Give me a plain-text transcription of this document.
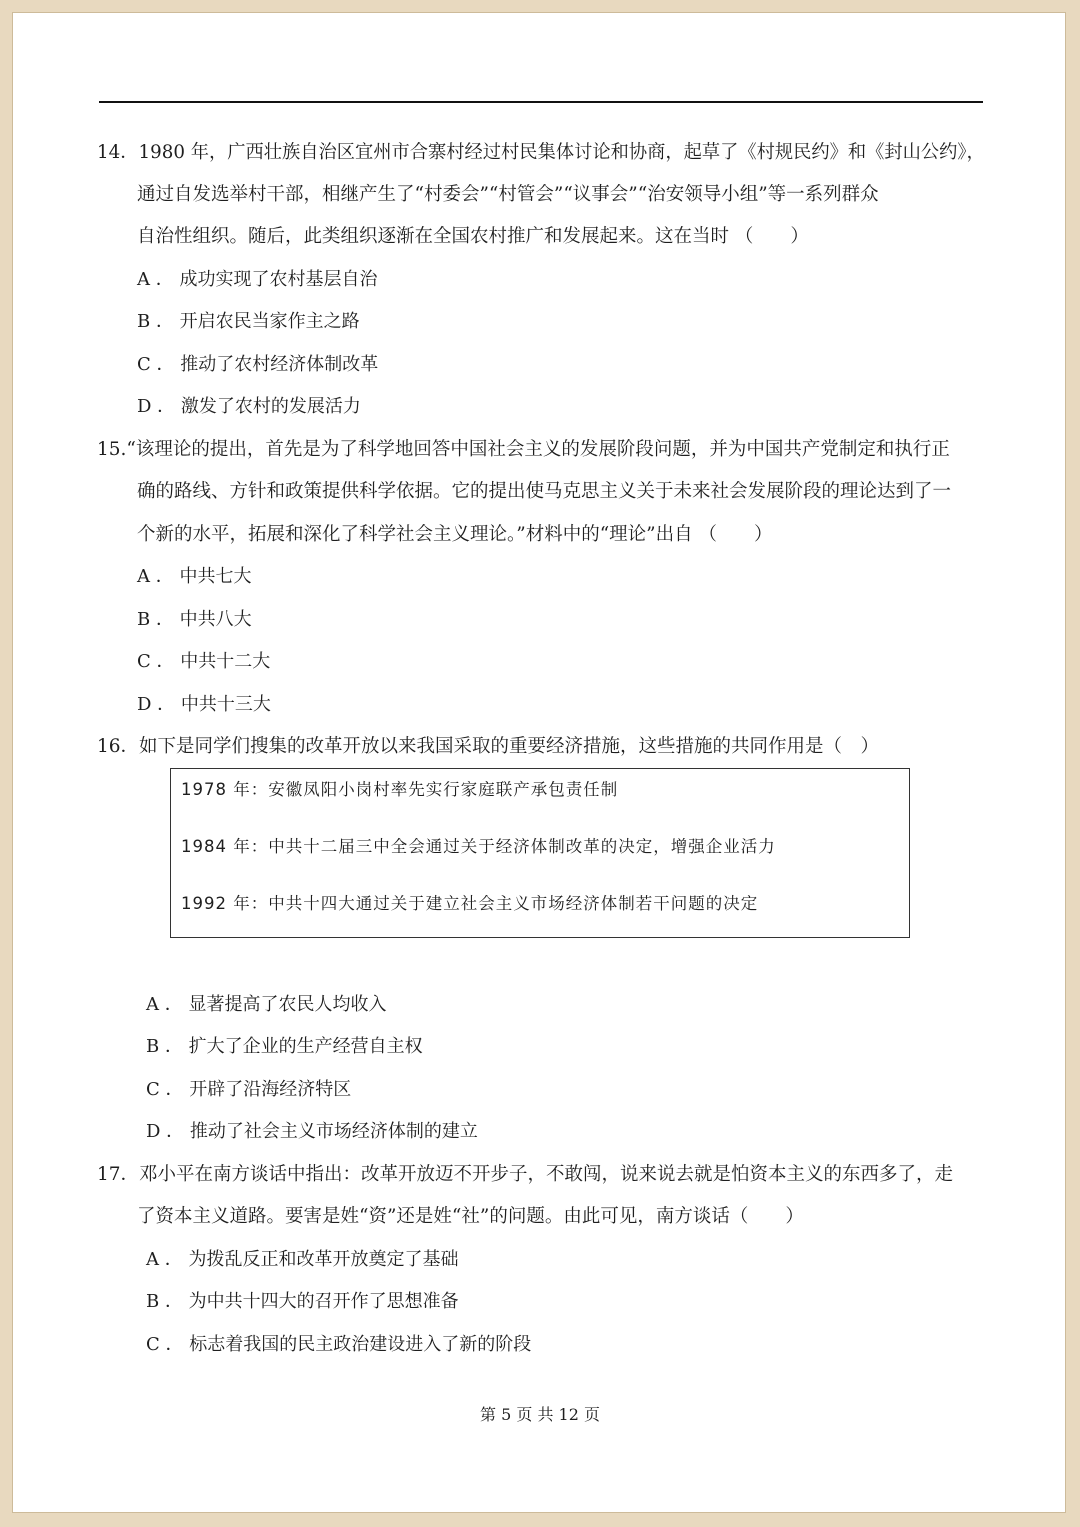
14．1980 年，广西壮族自治区宜州市合寨村经过村民集体讨论和协商，起草了《村规民约》和《封山公约》，
通过自发选举村干部，相继产生了“村委会”“村管会”“议事会”“治安领导小组”等一系列群众
自治性组织。随后，此类组织逐渐在全国农村推广和发展起来。这在当时 （　　）
A ． 成功实现了农村基层自治
B ． 开启农民当家作主之路
C ． 推动了农村经济体制改革
D ． 激发了农村的发展活力
15.“该理论的提出，首先是为了科学地回答中国社会主义的发展阶段问题，并为中国共产党制定和执行正
确的路线、方针和政策提供科学依据。它的提出使马克思主义关于未来社会发展阶段的理论达到了一
个新的水平，拓展和深化了科学社会主义理论。”材料中的“理论”出自 （　　）
A ． 中共七大
B ． 中共八大
C ． 中共十二大
D ． 中共十三大
16．如下是同学们搜集的改革开放以来我国采取的重要经济措施，这些措施的共同作用是（　）
1978 年：安徽凤阳小岗村率先实行家庭联产承包责任制
1984 年：中共十二届三中全会通过关于经济体制改革的决定，增强企业活力
1992 年：中共十四大通过关于建立社会主义市场经济体制若干问题的决定
A ． 显著提高了农民人均收入
B ． 扩大了企业的生产经营自主权
C ． 开辟了沿海经济特区
D ． 推动了社会主义市场经济体制的建立
17．邓小平在南方谈话中指出：改革开放迈不开步子，不敢闯，说来说去就是怕资本主义的东西多了，走
了资本主义道路。要害是姓“资”还是姓“社”的问题。由此可见，南方谈话（　　）
A ． 为拨乱反正和改革开放奠定了基础
B ． 为中共十四大的召开作了思想准备
C ． 标志着我国的民主政治建设进入了新的阶段
第 5 页 共 12 页
